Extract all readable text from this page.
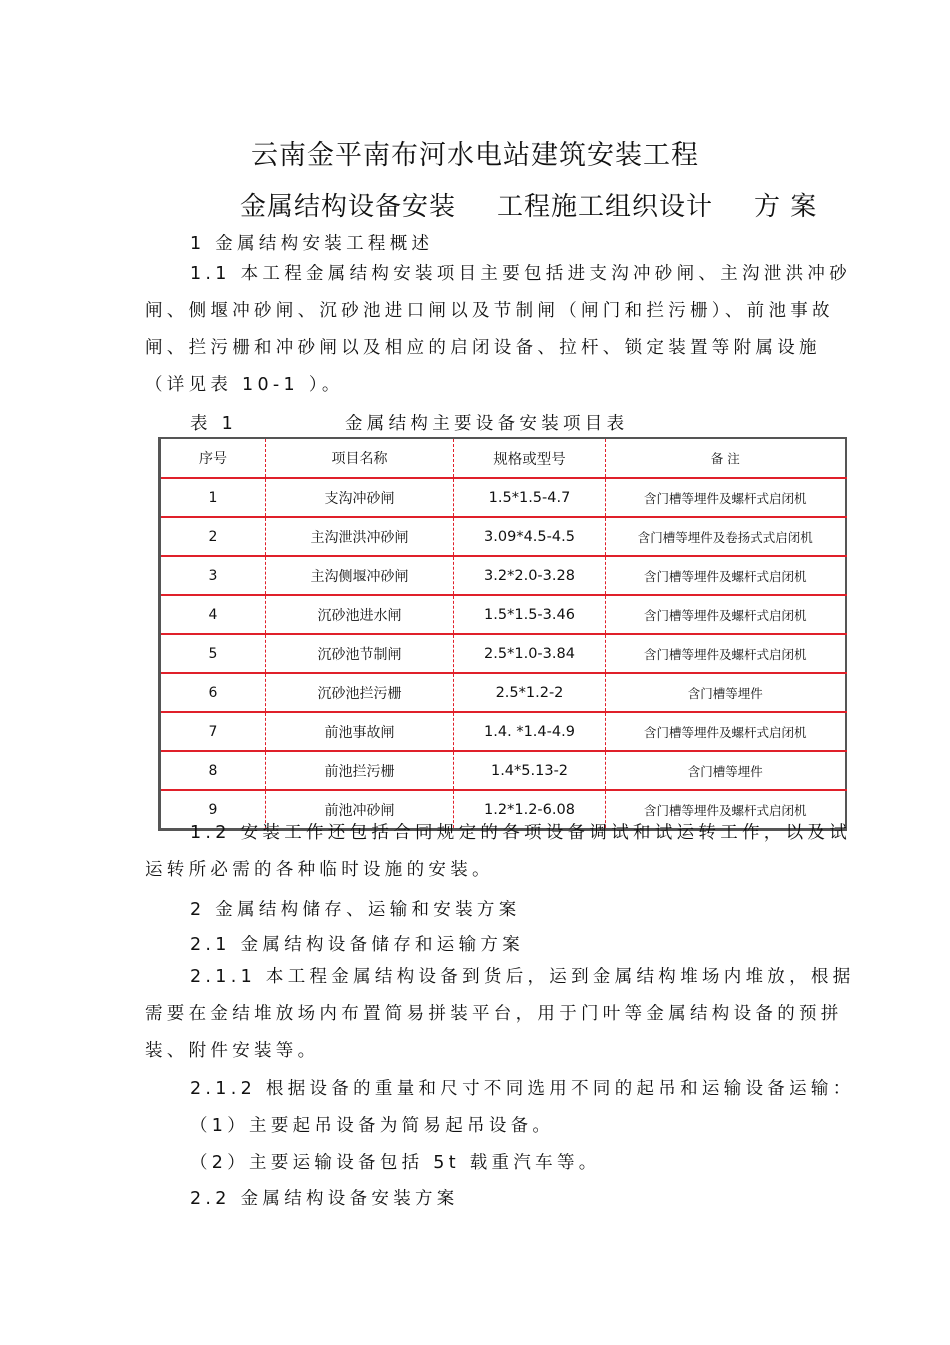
云南金平南布河水电站建筑安装工程
金属结构设备安装 工程施工组织设计 方 案
1 金属结构安装工程概述

1.1 本工程金属结构安装项目主要包括进支沟冲砂闸、主沟泄洪冲砂闸、侧堰冲砂闸、沉砂池进口闸以及节制闸（闸门和拦污栅）、前池事故闸、拦污栅和冲砂闸以及相应的启闭设备、拉杆、锁定装置等附属设施（详见表 10-1 ）。

表 1	金属结构主要设备安装项目表
序号	项目名称	规格或型号	备 注
1	支沟冲砂闸	1.5*1.5-4.7	含门槽等埋件及螺杆式启闭机
2	主沟泄洪冲砂闸	3.09*4.5-4.5	含门槽等埋件及卷扬式式启闭机
3	主沟侧堰冲砂闸	3.2*2.0-3.28	含门槽等埋件及螺杆式启闭机
4	沉砂池进水闸	1.5*1.5-3.46	含门槽等埋件及螺杆式启闭机
5	沉砂池节制闸	2.5*1.0-3.84	含门槽等埋件及螺杆式启闭机
6	沉砂池拦污栅	2.5*1.2-2	含门槽等埋件
7	前池事故闸	1.4. *1.4-4.9	含门槽等埋件及螺杆式启闭机
8	前池拦污栅	1.4*5.13-2	含门槽等埋件
9	前池冲砂闸	1.2*1.2-6.08	含门槽等埋件及螺杆式启闭机

1.2 安装工作还包括合同规定的各项设备调试和试运转工作，以及试运转所必需的各种临时设施的安装。

2 金属结构储存、运输和安装方案
2.1 金属结构设备储存和运输方案

2.1.1 本工程金属结构设备到货后，运到金属结构堆场内堆放，根据需要在金结堆放场内布置简易拼装平台，用于门叶等金属结构设备的预拼装、附件安装等。

2.1.2 根据设备的重量和尺寸不同选用不同的起吊和运输设备运输：
（1）主要起吊设备为简易起吊设备。
（2）主要运输设备包括 5t 载重汽车等。
2.2 金属结构设备安装方案
